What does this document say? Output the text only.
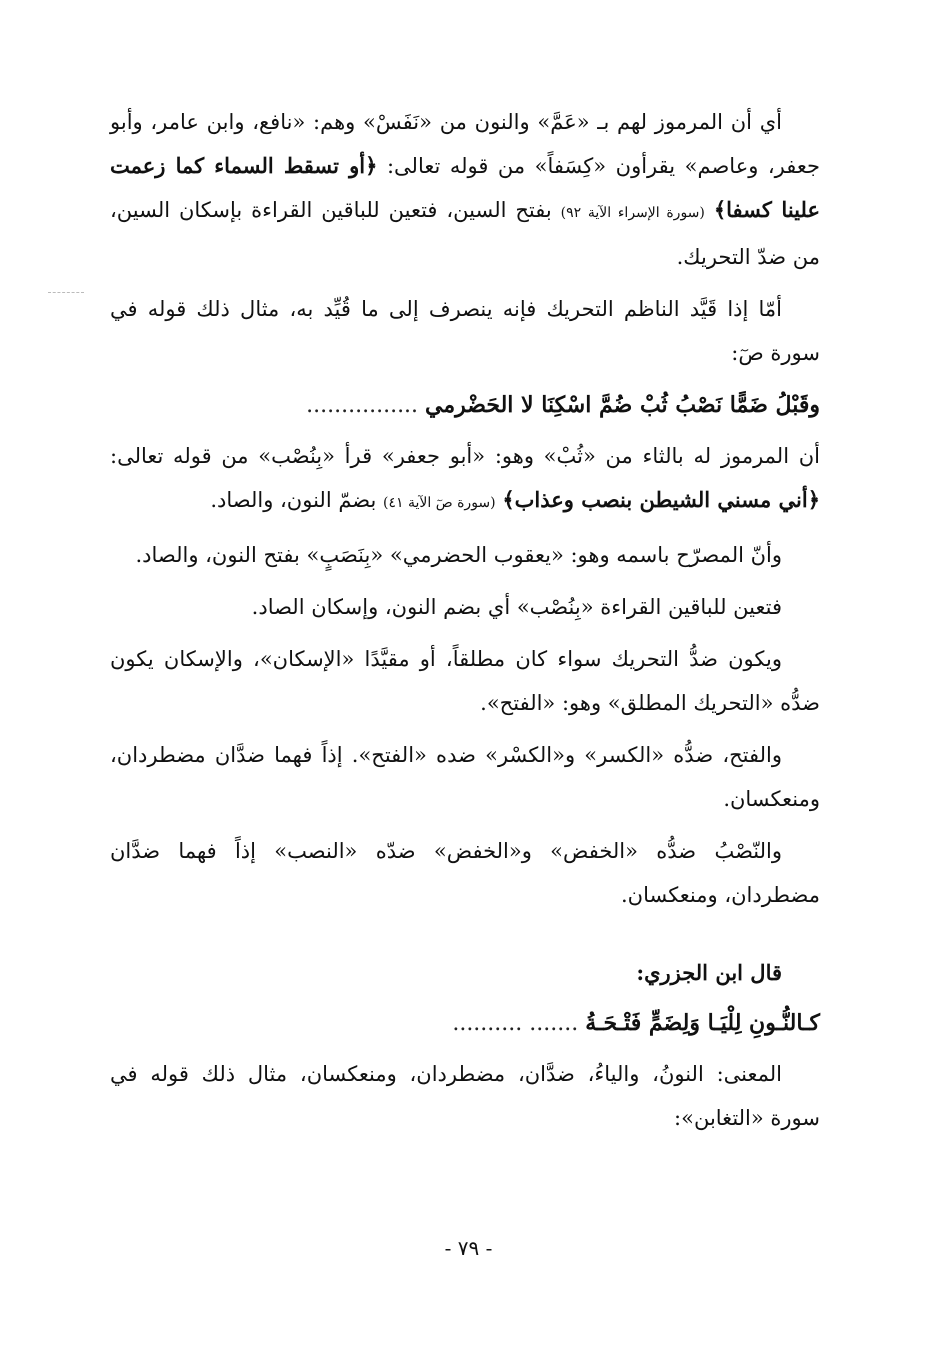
أي أن المرموز لهم بـ «عَمَّ» والنون من «نَفَسْ» وهم: «نافع، وابن عامر، وأبو جعفر، وعاصم» يقرأون «كِسَفاً» من قوله تعالى: ﴿أو تسقط السماء كما زعمت علينا كسفا﴾ (سورة الإسراء الآية ٩٢) بفتح السين، فتعين للباقين القراءة بإسكان السين، من ضدّ التحريك.

أمّا إذا قَيَّد الناظم التحريك فإنه ينصرف إلى ما قُيِّد به، مثال ذلك قوله في سورة صٓ:

وقَبْلُ ضَمًّا نَصْبُ ثُبْ ضُمَّ اسْكِنَا لا الحَضْرمي ................

أن المرموز له بالثاء من «ثُبْ» وهو: «أبو جعفر» قرأ «بِنُصْب» من قوله تعالى: ﴿أني مسني الشيطن بنصب وعذاب﴾ (سورة صٓ الآية ٤١) بضمّ النون، والصاد.

وأنّ المصرّح باسمه وهو: «يعقوب الحضرمي» «بِنَصَبٍ» بفتح النون، والصاد.

فتعين للباقين القراءة «بِنُصْب» أي بضم النون، وإسكان الصاد.

ويكون ضدُّ التحريك سواء كان مطلقاً، أو مقيَّدًا «الإسكان»، والإسكان يكون ضدُّه «التحريك المطلق» وهو: «الفتح».

والفتح، ضدُّه «الكسر» و«الكسْر» ضده «الفتح». إذاً فهما ضدَّان مضطردان، ومنعكسان.

والنّصْبُ ضدُّه «الخفض» و«الخفض» ضدّه «النصب» إذاً فهما ضدَّان مضطردان، ومنعكسان.

قال ابن الجزري:
كـالنُّـونِ لِلْيَـا وَلِضَمٍّ فَتْـحَـةُ ....... ..........

المعنى: النونُ، والياءُ، ضدَّان، مضطردان، ومنعكسان، مثال ذلك قوله في سورة «التغابن»:

- ٧٩ -
